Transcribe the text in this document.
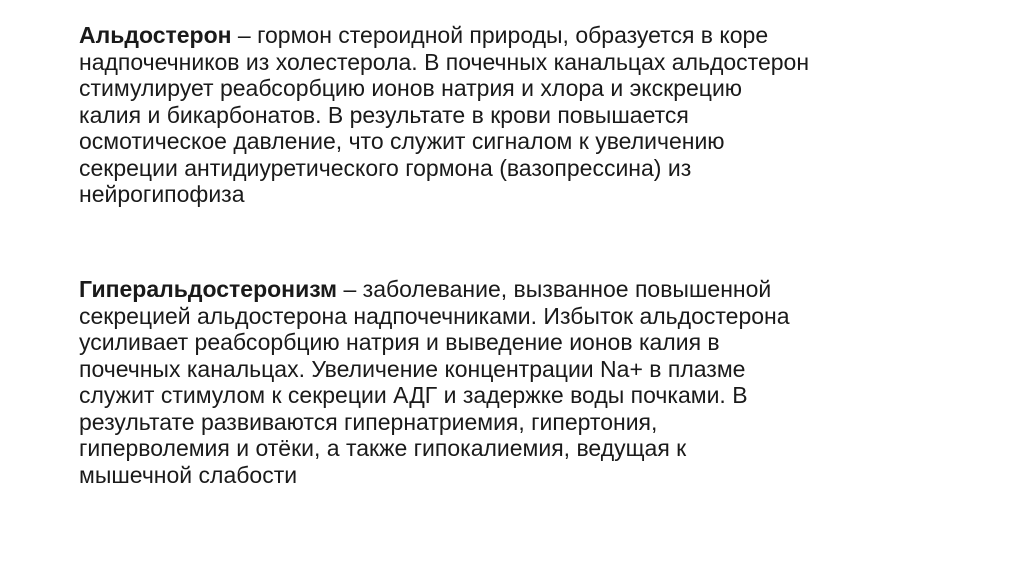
Альдостерон – гормон стероидной природы, образуется в коре
надпочечников из холестерола. В почечных канальцах альдостерон
стимулирует реабсорбцию ионов натрия и хлора и экскрецию
калия и бикарбонатов. В результате в крови повышается
осмотическое давление, что служит сигналом к увеличению
секреции антидиуретического гормона (вазопрессина) из
нейрогипофиза
Гиперальдостеронизм – заболевание, вызванное повышенной
секрецией альдостерона надпочечниками. Избыток альдостерона
усиливает реабсорбцию натрия и выведение ионов калия в
почечных канальцах. Увеличение концентрации Na+ в плазме
служит стимулом к секреции АДГ и задержке воды почками. В
результате развиваются гипернатриемия, гипертония,
гиперволемия и отёки, а также гипокалиемия, ведущая к
мышечной слабости
